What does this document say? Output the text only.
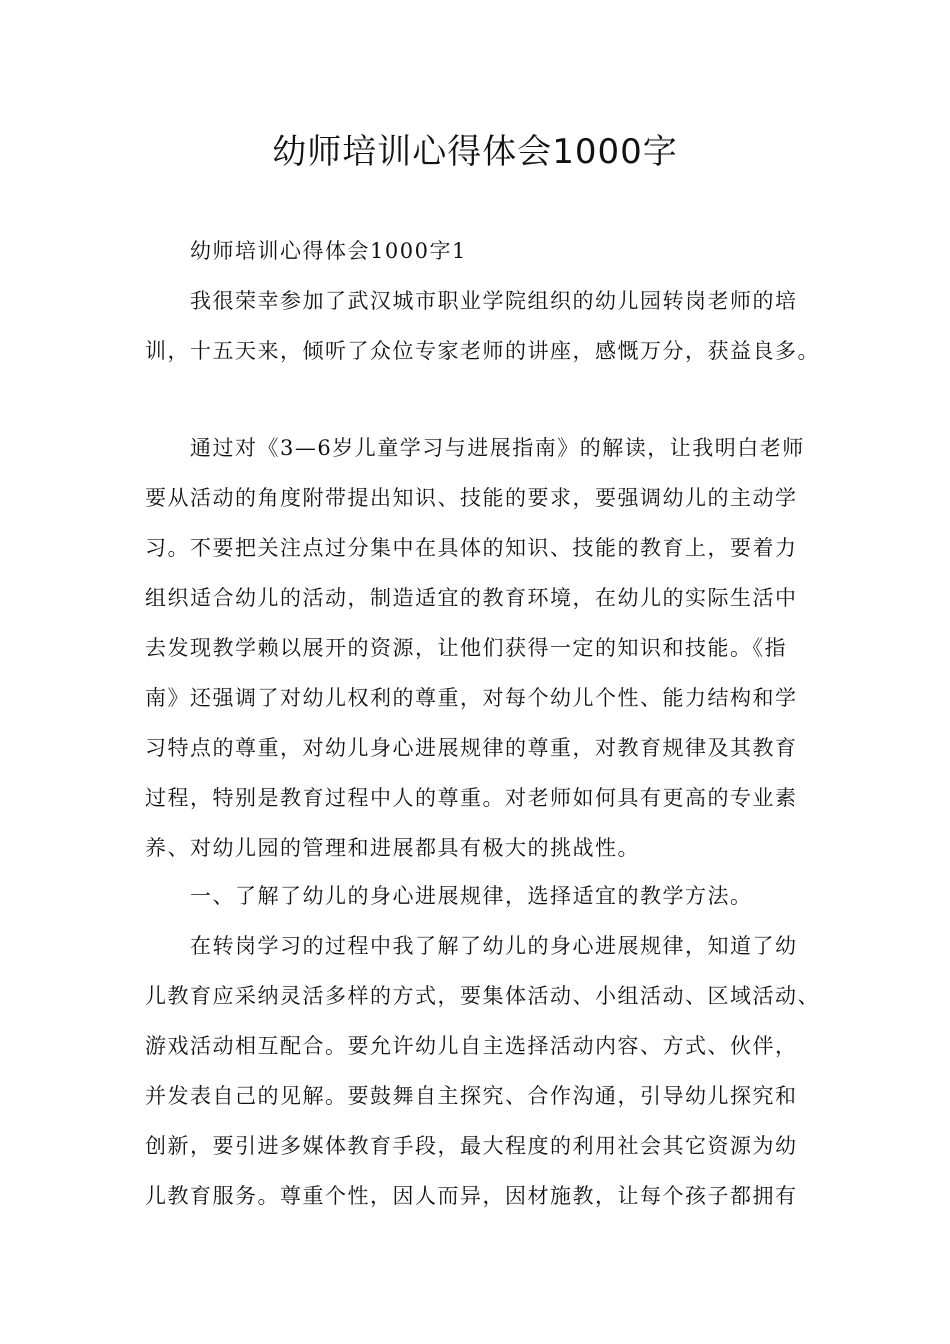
幼师培训心得体会1000字
幼师培训心得体会1000字1
我很荣幸参加了武汉城市职业学院组织的幼儿园转岗老师的培
训，十五天来，倾听了众位专家老师的讲座，感慨万分，获益良多。
通过对《3—6岁儿童学习与进展指南》的解读，让我明白老师
要从活动的角度附带提出知识、技能的要求，要强调幼儿的主动学
习。不要把关注点过分集中在具体的知识、技能的教育上，要着力
组织适合幼儿的活动，制造适宜的教育环境，在幼儿的实际生活中
去发现教学赖以展开的资源，让他们获得一定的知识和技能。《指
南》还强调了对幼儿权利的尊重，对每个幼儿个性、能力结构和学
习特点的尊重，对幼儿身心进展规律的尊重，对教育规律及其教育
过程，特别是教育过程中人的尊重。对老师如何具有更高的专业素
养、对幼儿园的管理和进展都具有极大的挑战性。
一、了解了幼儿的身心进展规律，选择适宜的教学方法。
在转岗学习的过程中我了解了幼儿的身心进展规律，知道了幼
儿教育应采纳灵活多样的方式，要集体活动、小组活动、区域活动、
游戏活动相互配合。要允许幼儿自主选择活动内容、方式、伙伴，
并发表自己的见解。要鼓舞自主探究、合作沟通，引导幼儿探究和
创新，要引进多媒体教育手段，最大程度的利用社会其它资源为幼
儿教育服务。尊重个性，因人而异，因材施教，让每个孩子都拥有
